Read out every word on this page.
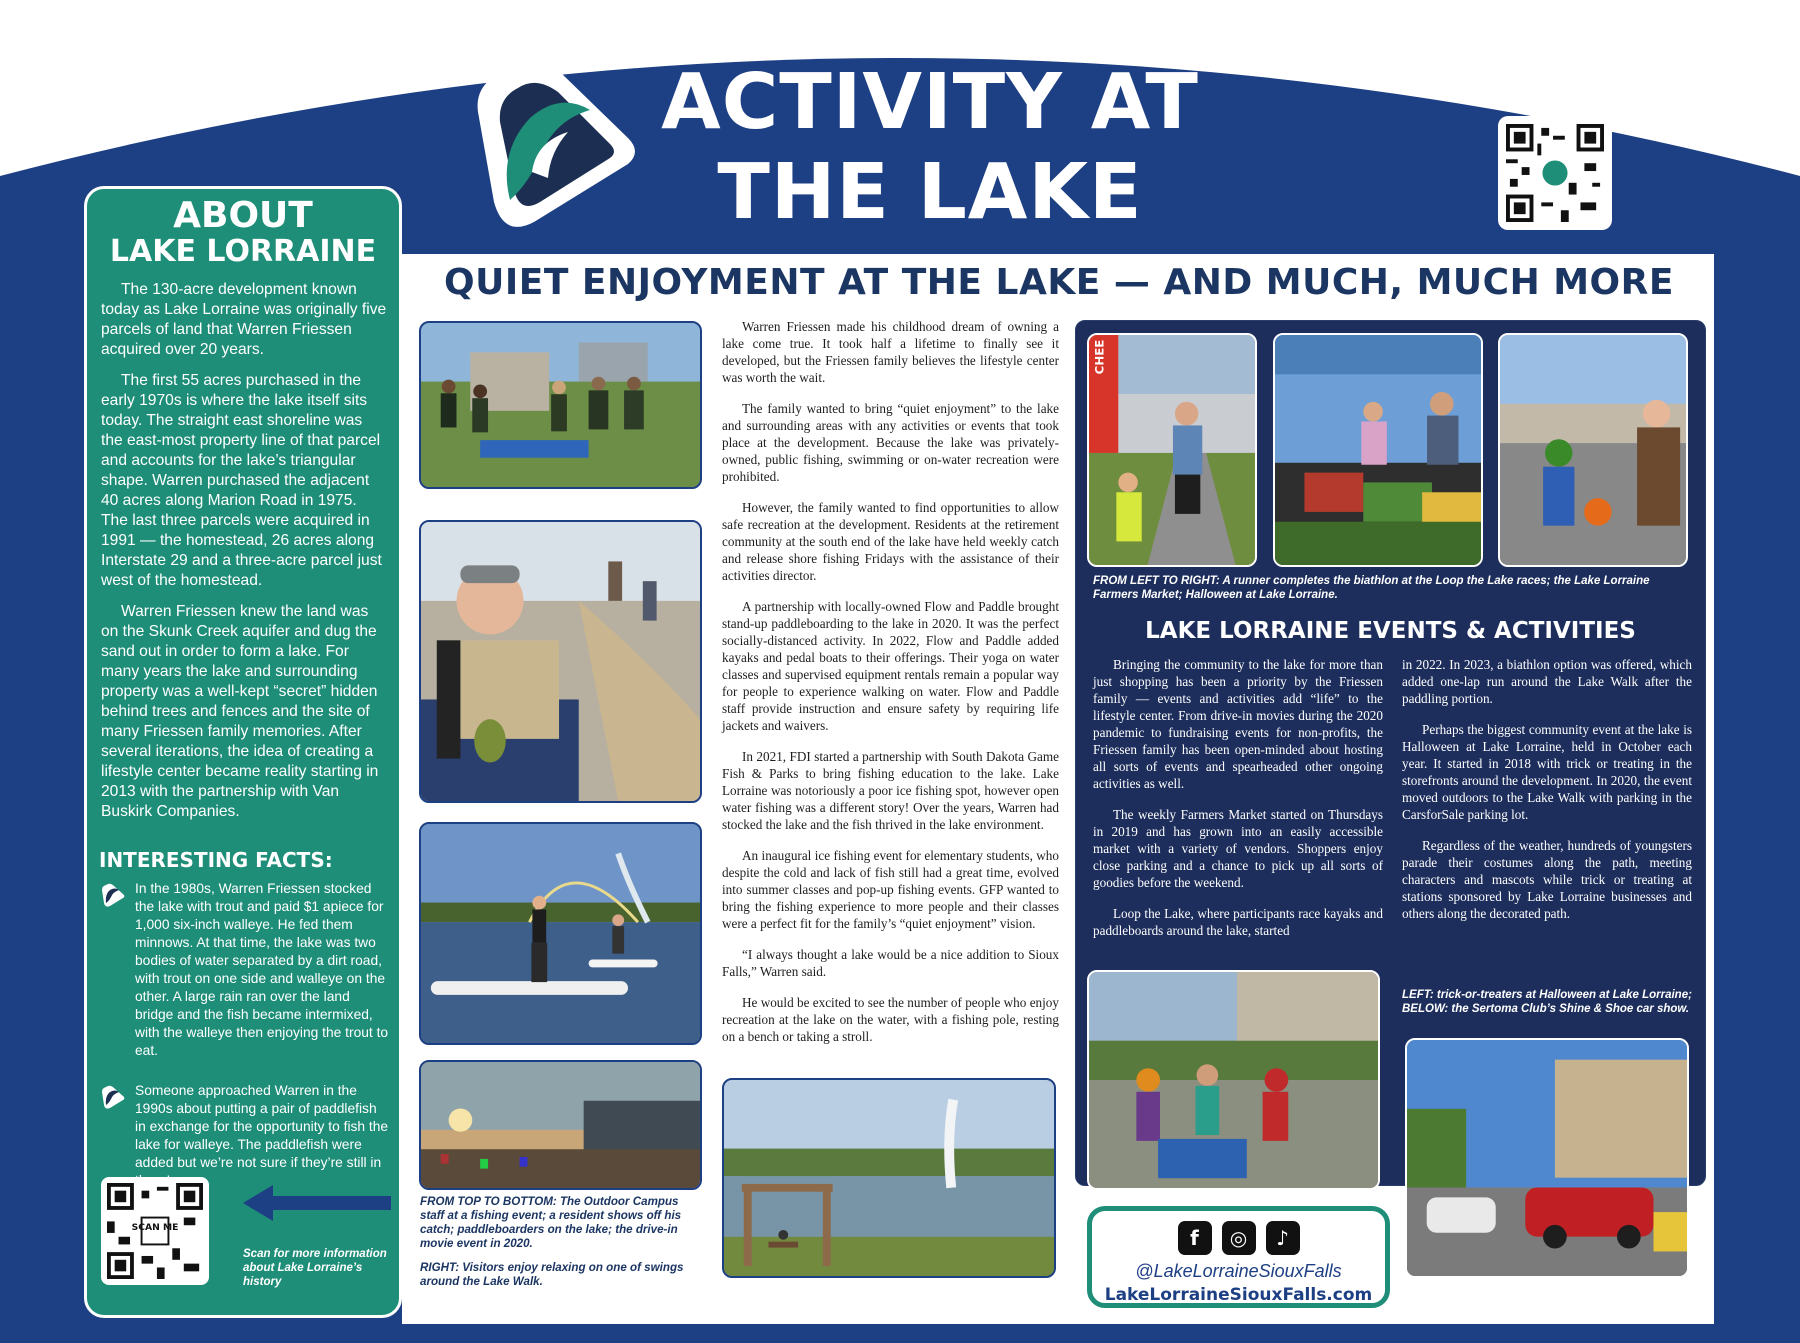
ACTIVITY AT
THE LAKE
ABOUT
LAKE LORRAINE

The 130-acre development known today as Lake Lorraine was originally five parcels of land that Warren Friessen acquired over 20 years.

The first 55 acres purchased in the early 1970s is where the lake itself sits today. The straight east shoreline was the east-most property line of that parcel and accounts for the lake’s triangular shape. Warren purchased the adjacent 40 acres along Marion Road in 1975. The last three parcels were acquired in 1991 — the homestead, 26 acres along Interstate 29 and a three-acre parcel just west of the homestead.

Warren Friessen knew the land was on the Skunk Creek aquifer and dug the sand out in order to form a lake. For many years the lake and surrounding property was a well-kept “secret” hidden behind trees and fences and the site of many Friessen family memories. After several iterations, the idea of creating a lifestyle center became reality starting in 2013 with the partnership with Van Buskirk Companies.

INTERESTING FACTS:
In the 1980s, Warren Friessen stocked the lake with trout and paid $1 apiece for 1,000 six-inch walleye. He fed them minnows. At that time, the lake was two bodies of water separated by a dirt road, with trout on one side and walleye on the other. A large rain ran over the land bridge and the fish became intermixed, with the walleye then enjoying the trout to eat.
Someone approached Warren in the 1990s about putting a pair of paddlefish in exchange for the opportunity to fish the lake for walleye. The paddlefish were added but we’re not sure if they’re still in
SCAN ME
Scan for more information about Lake Lorraine’s history
QUIET ENJOYMENT AT THE LAKE — AND MUCH, MUCH MORE

FROM TOP TO BOTTOM: The Outdoor Campus staff at a fishing event; a resident shows off his catch; paddleboarders on the lake; the drive-in movie event in 2020.

RIGHT: Visitors enjoy relaxing on one of swings around the Lake Walk.

Warren Friessen made his childhood dream of owning a lake come true. It took half a lifetime to finally see it developed, but the Friessen family believes the lifestyle center was worth the wait.

The family wanted to bring “quiet enjoyment” to the lake and surrounding areas with any activities or events that took place at the development. Because the lake was privately-owned, public fishing, swimming or on-water recreation were prohibited.

However, the family wanted to find opportunities to allow safe recreation at the development. Residents at the retirement community at the south end of the lake have held weekly catch and release shore fishing Fridays with the assistance of their activities director.

A partnership with locally-owned Flow and Paddle brought stand-up paddleboarding to the lake in 2020. It was the perfect socially-distanced activity. In 2022, Flow and Paddle added kayaks and pedal boats to their offerings. Their yoga on water classes and supervised equipment rentals remain a popular way for people to experience walking on water. Flow and Paddle staff provide instruction and ensure safety by requiring life jackets and waivers.

In 2021, FDI started a partnership with South Dakota Game Fish & Parks to bring fishing education to the lake. Lake Lorraine was notoriously a poor ice fishing spot, however open water fishing was a different story! Over the years, Warren had stocked the lake and the fish thrived in the lake environment.

An inaugural ice fishing event for elementary students, who despite the cold and lack of fish still had a great time, evolved into summer classes and pop-up fishing events. GFP wanted to bring the fishing experience to more people and their classes were a perfect fit for the family’s “quiet enjoyment” vision.

“I always thought a lake would be a nice addition to Sioux Falls,” Warren said.

He would be excited to see the number of people who enjoy recreation at the lake on the water, with a fishing pole, resting on a bench or taking a stroll.

CHEE
FROM LEFT TO RIGHT: A runner completes the biathlon at the Loop the Lake races; the Lake Lorraine Farmers Market; Halloween at Lake Lorraine.
LAKE LORRAINE EVENTS & ACTIVITIES

Bringing the community to the lake for more than just shopping has been a priority by the Friessen family — events and activities add “life” to the lifestyle center. From drive-in movies during the 2020 pandemic to fundraising events for non-profits, the Friessen family has been open-minded about hosting all sorts of events and spearheaded other ongoing activities as well.

The weekly Farmers Market started on Thursdays in 2019 and has grown into an easily accessible market with a variety of vendors. Shoppers enjoy close parking and a chance to pick up all sorts of goodies before the weekend.

Loop the Lake, where participants race kayaks and paddleboards around the lake, started

in 2022. In 2023, a biathlon option was offered, which added one-lap run around the Lake Walk after the paddling portion.

Perhaps the biggest community event at the lake is Halloween at Lake Lorraine, held in October each year. It started in 2018 with trick or treating in the storefronts around the development. In 2020, the event moved outdoors to the Lake Walk with parking in the CarsforSale parking lot.

Regardless of the weather, hundreds of youngsters parade their costumes along the path, meeting characters and mascots while trick or treating at stations sponsored by Lake Lorraine businesses and others along the decorated path.

LEFT: trick-or-treaters at Halloween at Lake Lorraine; BELOW: the Sertoma Club’s Shine & Shoe car show.
f	◎	♪
@LakeLorraineSiouxFalls
LakeLorraineSiouxFalls.com
